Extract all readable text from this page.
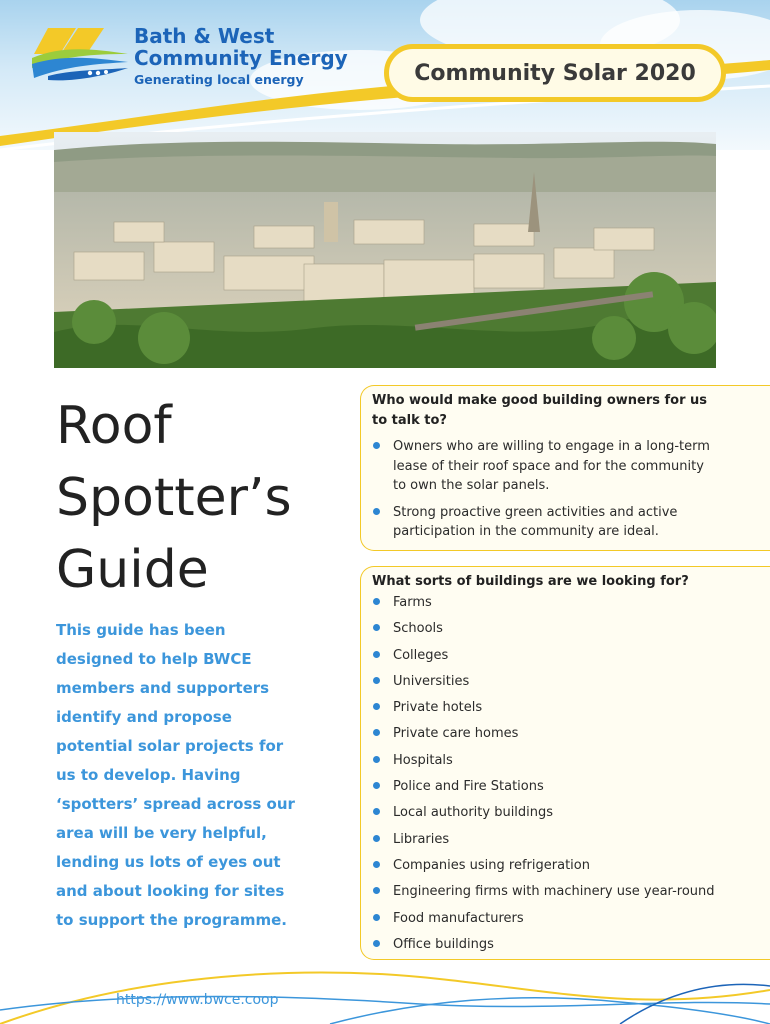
Bath & West
Community Energy
Generating local energy	Community Solar 2020
Roof
Spotter’s
Guide
This guide has been designed to help BWCE members and supporters identify and propose potential solar projects for us to develop. Having ‘spotters’ spread across our area will be very helpful, lending us lots of eyes out and about looking for sites to support the programme.
Who would make good building owners for us to talk to?
Owners who are willing to engage in a long-term lease of their roof space and for the community to own the solar panels.
Strong proactive green activities and active participation in the community are ideal.
What sorts of buildings are we looking for?
Farms
Schools
Colleges
Universities
Private hotels
Private care homes
Hospitals
Police and Fire Stations
Local authority buildings
Libraries
Companies using refrigeration
Engineering firms with machinery use year-round
Food manufacturers
Office buildings
https://www.bwce.coop
